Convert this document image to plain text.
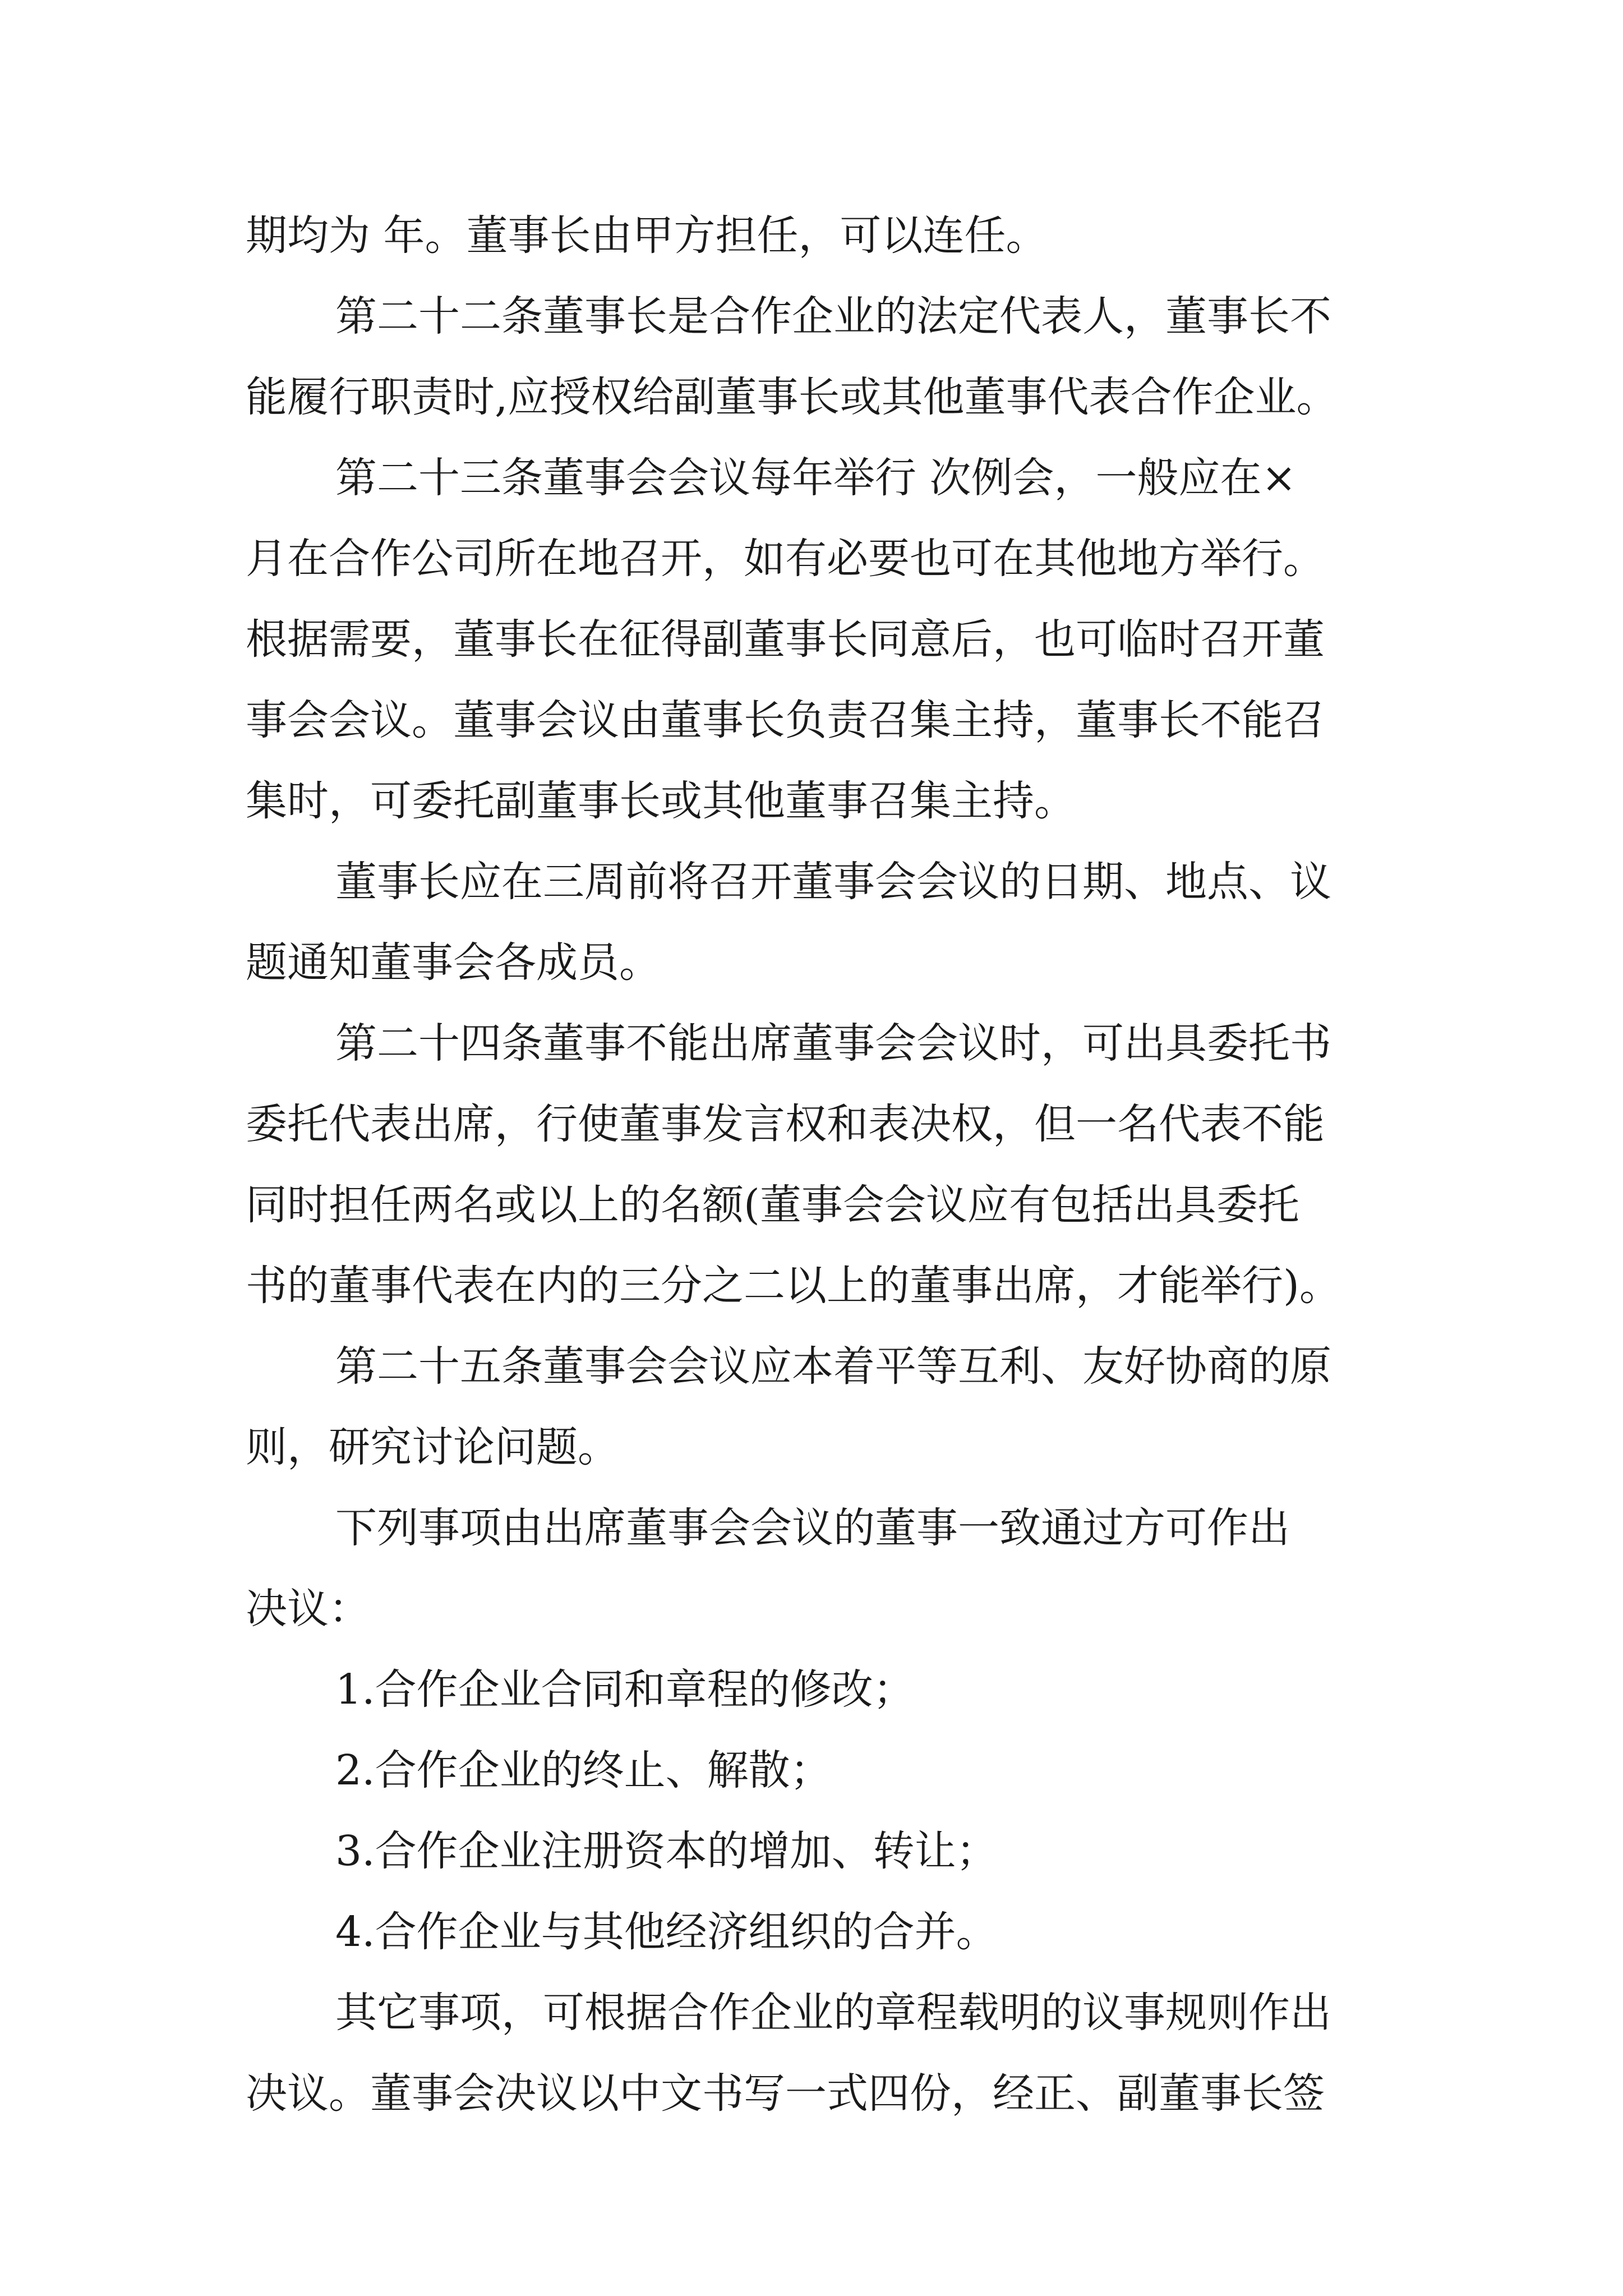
期均为 年。董事长由甲方担任，可以连任。

第二十二条董事长是合作企业的法定代表人，董事长不

能履行职责时,应授权给副董事长或其他董事代表合作企业。

第二十三条董事会会议每年举行 次例会，一般应在×

月在合作公司所在地召开，如有必要也可在其他地方举行。

根据需要，董事长在征得副董事长同意后，也可临时召开董

事会会议。董事会议由董事长负责召集主持，董事长不能召

集时，可委托副董事长或其他董事召集主持。

董事长应在三周前将召开董事会会议的日期、地点、议

题通知董事会各成员。

第二十四条董事不能出席董事会会议时，可出具委托书

委托代表出席，行使董事发言权和表决权，但一名代表不能

同时担任两名或以上的名额(董事会会议应有包括出具委托

书的董事代表在内的三分之二以上的董事出席，才能举行)。

第二十五条董事会会议应本着平等互利、友好协商的原

则，研究讨论问题。

下列事项由出席董事会会议的董事一致通过方可作出

决议：

1.合作企业合同和章程的修改；

2.合作企业的终止、解散；

3.合作企业注册资本的增加、转让；

4.合作企业与其他经济组织的合并。

其它事项，可根据合作企业的章程载明的议事规则作出

决议。董事会决议以中文书写一式四份，经正、副董事长签
